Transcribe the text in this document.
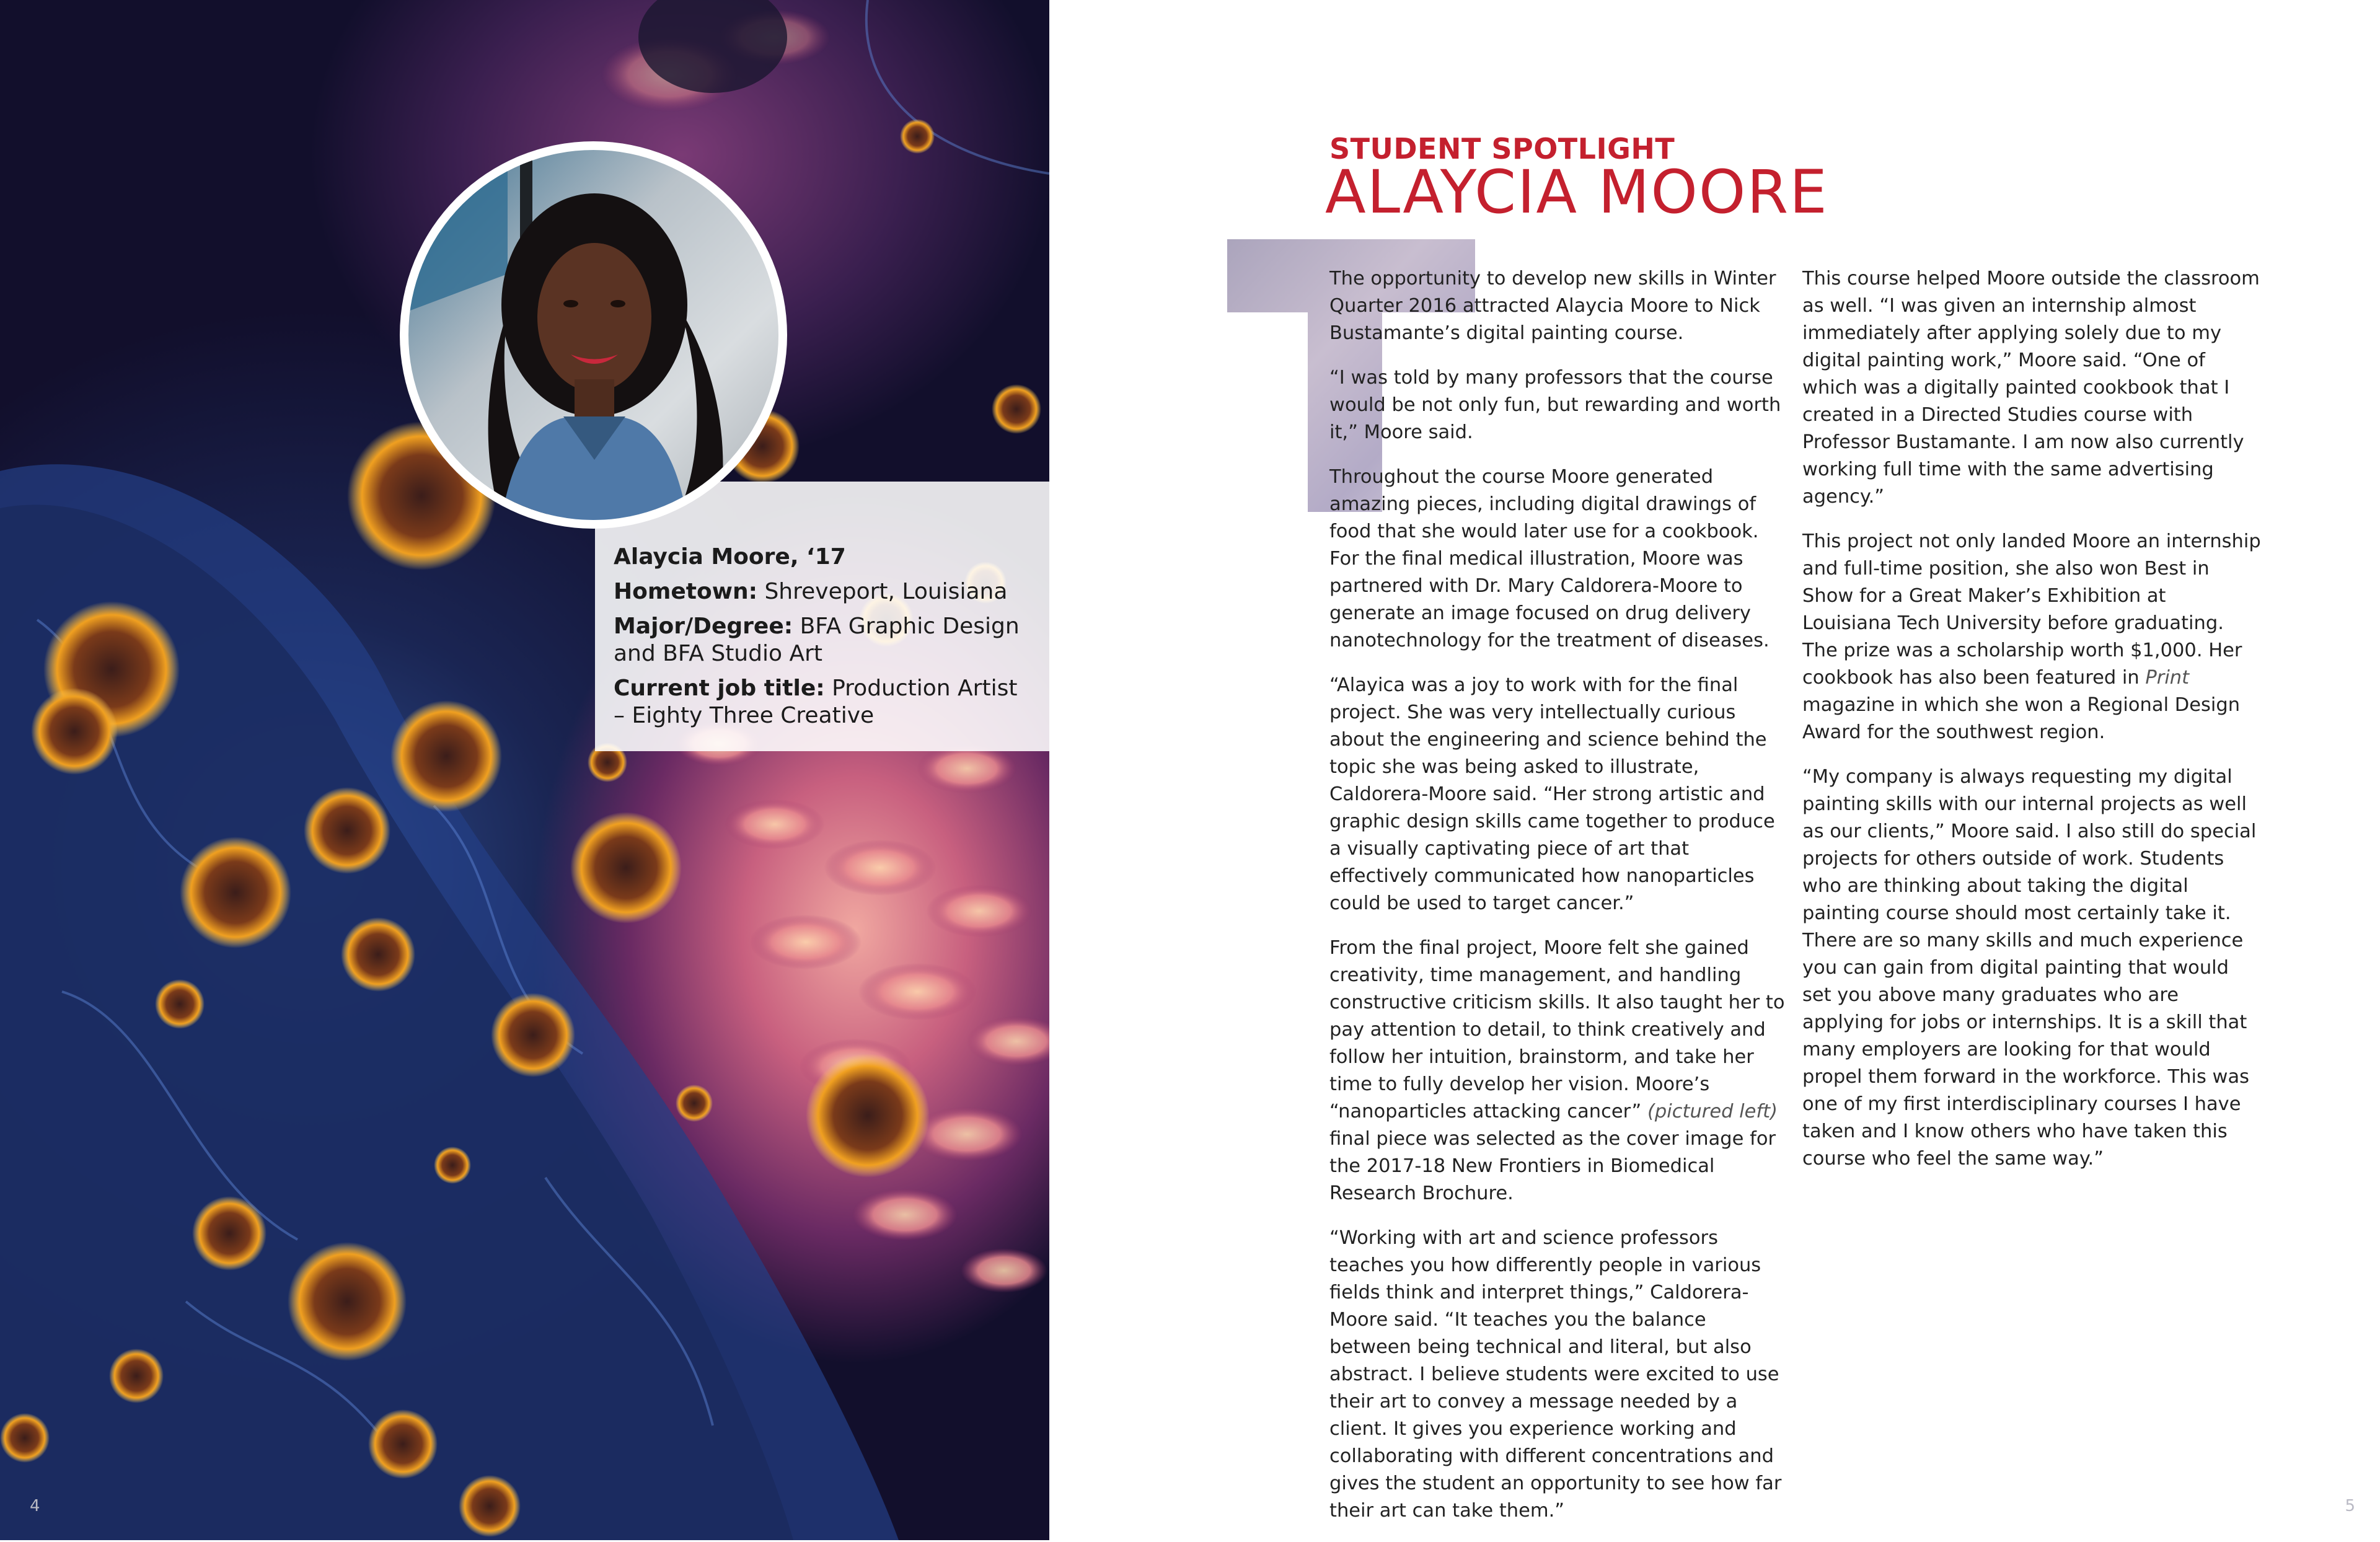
Alaycia Moore, ‘17

Hometown: Shreveport, Louisiana

Major/Degree: BFA Graphic Design and BFA Studio Art

Current job title: Production Artist – Eighty Three Creative

4
STUDENT SPOTLIGHT
ALAYCIA MOORE

The opportunity to develop new skills in Winter Quarter 2016 attracted Alaycia Moore to Nick Bustamante’s digital painting course.

“I was told by many professors that the course would be not only fun, but rewarding and worth it,” Moore said.

Throughout the course Moore generated amazing pieces, including digital drawings of food that she would later use for a cookbook. For the final medical illustration, Moore was partnered with Dr. Mary Caldorera-Moore to generate an image focused on drug delivery nanotechnology for the treatment of diseases.

“Alayica was a joy to work with for the final project. She was very intellectually curious about the engineering and science behind the topic she was being asked to illustrate, Caldorera-Moore said. “Her strong artistic and graphic design skills came together to produce a visually captivating piece of art that effectively communicated how nanoparticles could be used to target cancer.”

From the final project, Moore felt she gained creativity, time management, and handling constructive criticism skills. It also taught her to pay attention to detail, to think creatively and follow her intuition, brainstorm, and take her time to fully develop her vision. Moore’s “nanoparticles attacking cancer” (pictured left) final piece was selected as the cover image for the 2017-18 New Frontiers in Biomedical Research Brochure.

“Working with art and science professors teaches you how differently people in various fields think and interpret things,” Caldorera-Moore said. “It teaches you the balance between being technical and literal, but also abstract. I believe students were excited to use their art to convey a message needed by a client. It gives you experience working and collaborating with different concentrations and gives the student an opportunity to see how far their art can take them.”

This course helped Moore outside the classroom as well. “I was given an internship almost immediately after applying solely due to my digital painting work,” Moore said. “One of which was a digitally painted cookbook that I created in a Directed Studies course with Professor Bustamante. I am now also currently working full time with the same advertising agency.”

This project not only landed Moore an internship and full-time position, she also won Best in Show for a Great Maker’s Exhibition at Louisiana Tech University before graduating. The prize was a scholarship worth $1,000. Her cookbook has also been featured in Print magazine in which she won a Regional Design Award for the southwest region.

“My company is always requesting my digital painting skills with our internal projects as well as our clients,” Moore said. I also still do special projects for others outside of work. Students who are thinking about taking the digital painting course should most certainly take it. There are so many skills and much experience you can gain from digital painting that would set you above many graduates who are applying for jobs or internships. It is a skill that many employers are looking for that would propel them forward in the workforce. This was one of my first interdisciplinary courses I have taken and I know others who have taken this course who feel the same way.”

5
